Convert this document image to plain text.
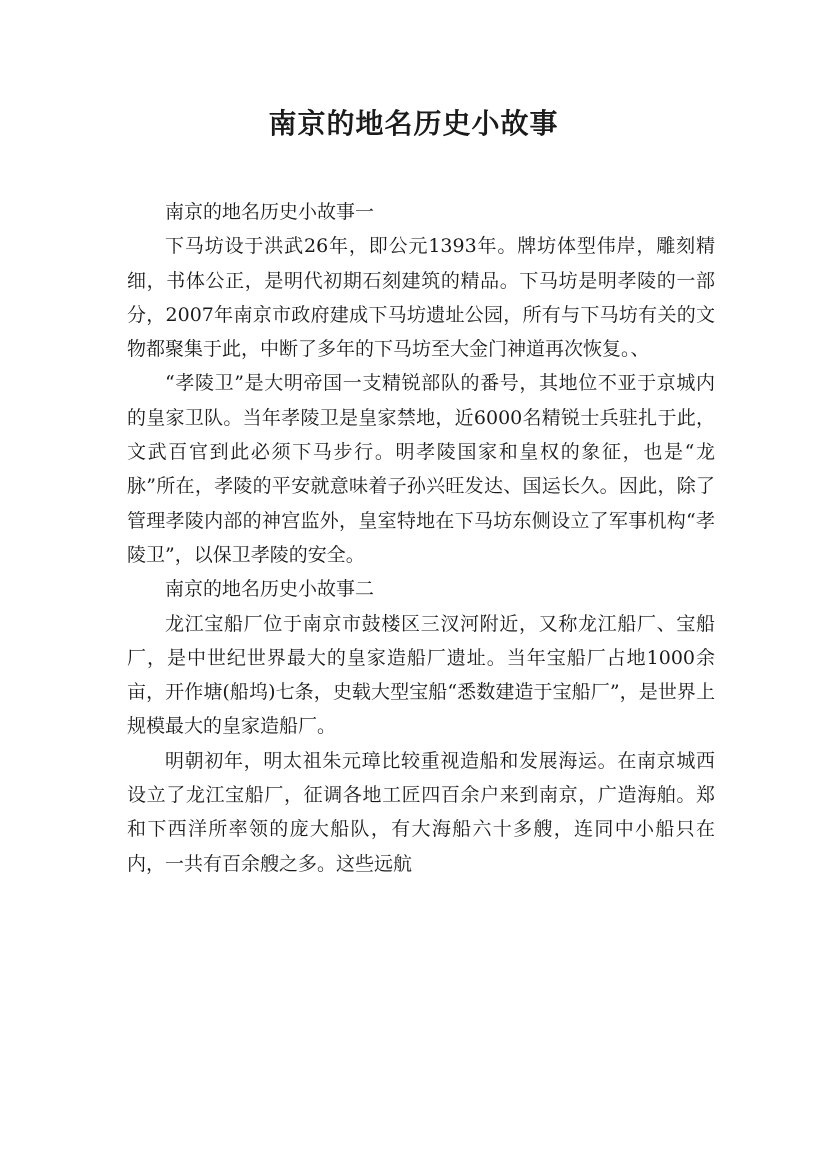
南京的地名历史小故事

南京的地名历史小故事一

下马坊设于洪武26年，即公元1393年。牌坊体型伟岸，雕刻精细，书体公正，是明代初期石刻建筑的精品。下马坊是明孝陵的一部分，2007年南京市政府建成下马坊遗址公园，所有与下马坊有关的文物都聚集于此，中断了多年的下马坊至大金门神道再次恢复。、

“孝陵卫”是大明帝国一支精锐部队的番号，其地位不亚于京城内的皇家卫队。当年孝陵卫是皇家禁地，近6000名精锐士兵驻扎于此，文武百官到此必须下马步行。明孝陵国家和皇权的象征，也是“龙脉”所在，孝陵的平安就意味着子孙兴旺发达、国运长久。因此，除了管理孝陵内部的神宫监外，皇室特地在下马坊东侧设立了军事机构“孝陵卫”，以保卫孝陵的安全。

南京的地名历史小故事二

龙江宝船厂位于南京市鼓楼区三汊河附近，又称龙江船厂、宝船厂，是中世纪世界最大的皇家造船厂遗址。当年宝船厂占地1000余亩，开作塘(船坞)七条，史载大型宝船“悉数建造于宝船厂”，是世界上规模最大的皇家造船厂。

明朝初年，明太祖朱元璋比较重视造船和发展海运。在南京城西设立了龙江宝船厂，征调各地工匠四百余户来到南京，广造海舶。郑和下西洋所率领的庞大船队，有大海船六十多艘，连同中小船只在内，一共有百余艘之多。这些远航
